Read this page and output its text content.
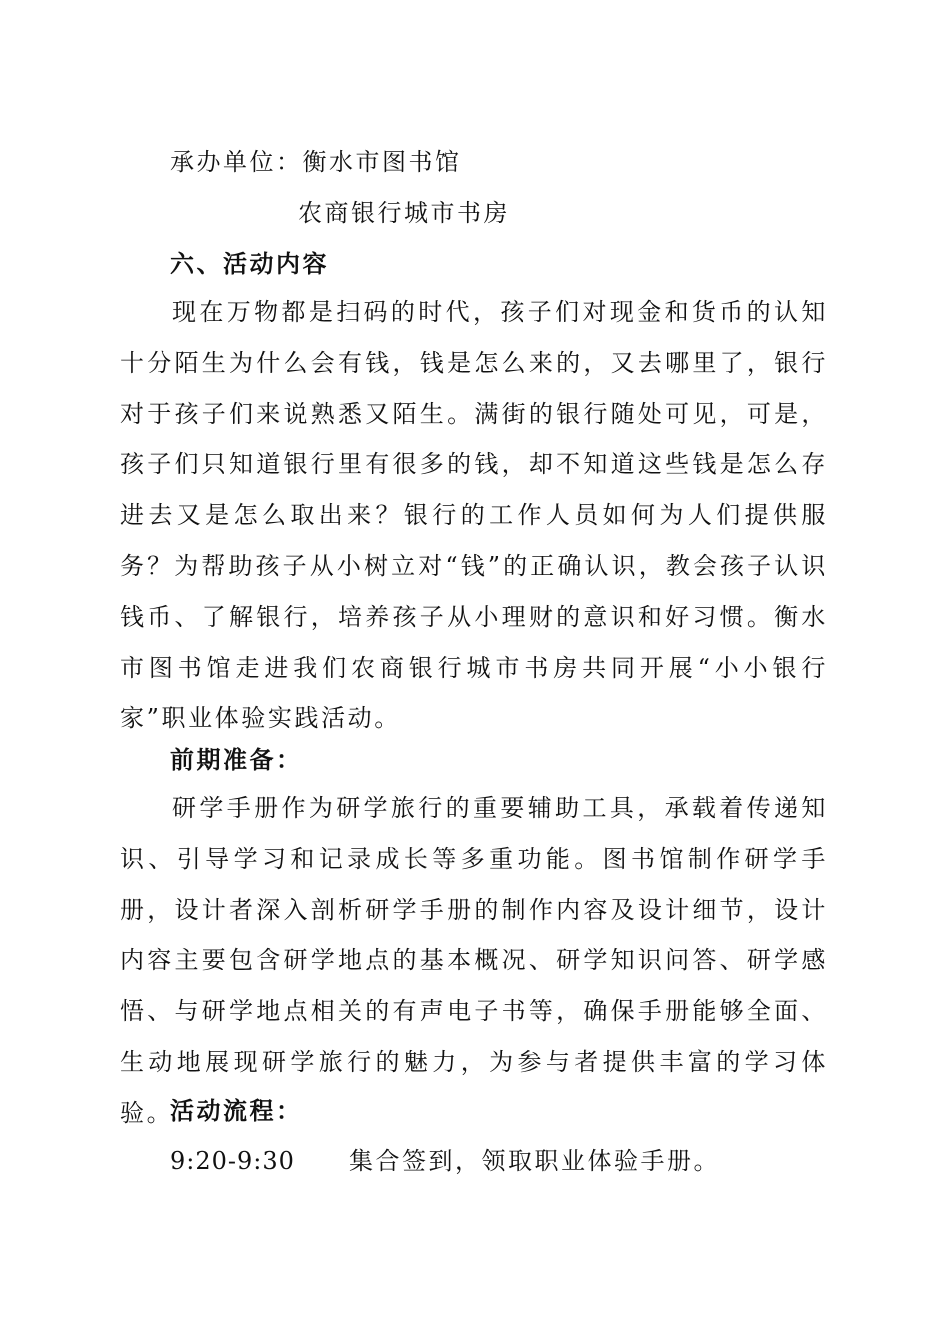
承办单位：衡水市图书馆
农商银行城市书房
六、活动内容
现在万物都是扫码的时代，孩子们对现金和货币的认知十分陌生为什么会有钱，钱是怎么来的，又去哪里了，银行对于孩子们来说熟悉又陌生。满街的银行随处可见，可是，孩子们只知道银行里有很多的钱，却不知道这些钱是怎么存进去又是怎么取出来？银行的工作人员如何为人们提供服务？为帮助孩子从小树立对“钱”的正确认识，教会孩子认识钱币、了解银行，培养孩子从小理财的意识和好习惯。衡水市图书馆走进我们农商银行城市书房共同开展“小小银行家”职业体验实践活动。
前期准备：
研学手册作为研学旅行的重要辅助工具，承载着传递知识、引导学习和记录成长等多重功能。图书馆制作研学手册，设计者深入剖析研学手册的制作内容及设计细节，设计内容主要包含研学地点的基本概况、研学知识问答、研学感悟、与研学地点相关的有声电子书等，确保手册能够全面、生动地展现研学旅行的魅力，为参与者提供丰富的学习体验。
活动流程：
9:20-9:30 集合签到，领取职业体验手册。
